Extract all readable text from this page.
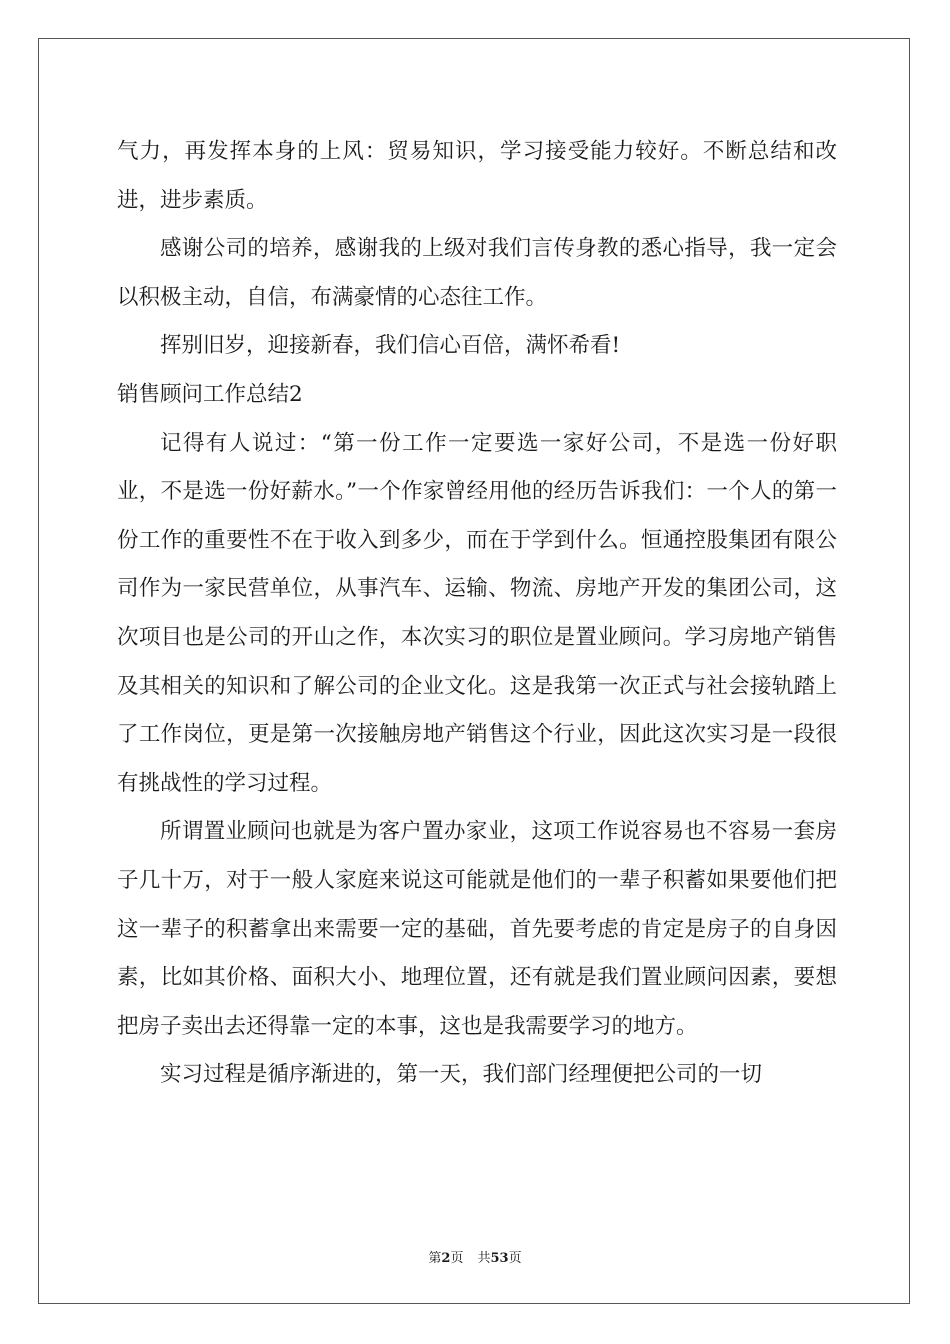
气力，再发挥本身的上风：贸易知识，学习接受能力较好。不断总结和改进，进步素质。

感谢公司的培养，感谢我的上级对我们言传身教的悉心指导，我一定会以积极主动，自信，布满豪情的心态往工作。

挥别旧岁，迎接新春，我们信心百倍，满怀希看!

销售顾问工作总结2

记得有人说过：“第一份工作一定要选一家好公司，不是选一份好职业，不是选一份好薪水。”一个作家曾经用他的经历告诉我们：一个人的第一份工作的重要性不在于收入到多少，而在于学到什么。恒通控股集团有限公司作为一家民营单位，从事汽车、运输、物流、房地产开发的集团公司，这次项目也是公司的开山之作，本次实习的职位是置业顾问。学习房地产销售及其相关的知识和了解公司的企业文化。这是我第一次正式与社会接轨踏上了工作岗位，更是第一次接触房地产销售这个行业，因此这次实习是一段很有挑战性的学习过程。

所谓置业顾问也就是为客户置办家业，这项工作说容易也不容易一套房子几十万，对于一般人家庭来说这可能就是他们的一辈子积蓄如果要他们把这一辈子的积蓄拿出来需要一定的基础，首先要考虑的肯定是房子的自身因素，比如其价格、面积大小、地理位置，还有就是我们置业顾问因素，要想把房子卖出去还得靠一定的本事，这也是我需要学习的地方。

实习过程是循序渐进的，第一天，我们部门经理便把公司的一切

第2页 共53页
